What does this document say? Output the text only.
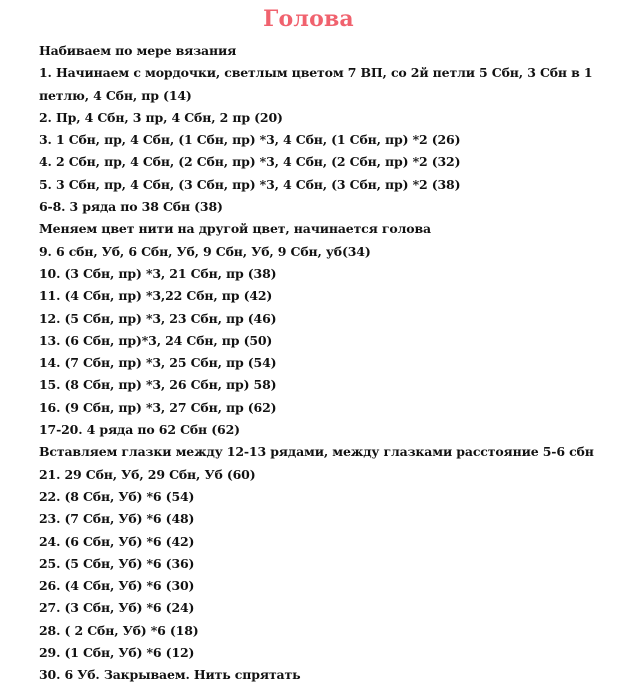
Голова
Набиваем по мере вязания
1. Начинаем с мордочки, светлым цветом 7 ВП, со 2й петли 5 Сбн, 3 Сбн в 1
петлю, 4 Сбн, пр (14)
2. Пр, 4 Сбн, 3 пр, 4 Сбн, 2 пр (20)
3. 1 Сбн, пр, 4 Сбн, (1 Сбн, пр) *3, 4 Сбн, (1 Сбн, пр) *2 (26)
4. 2 Сбн, пр, 4 Сбн, (2 Сбн, пр) *3, 4 Сбн, (2 Сбн, пр) *2 (32)
5. 3 Сбн, пр, 4 Сбн, (3 Сбн, пр) *3, 4 Сбн, (3 Сбн, пр) *2 (38)
6-8. 3 ряда по 38 Сбн (38)
Меняем цвет нити на другой цвет, начинается голова
9. 6 сбн, Уб, 6 Сбн, Уб, 9 Сбн, Уб, 9 Сбн, уб(34)
10. (3 Сбн, пр) *3, 21 Сбн, пр (38)
11. (4 Сбн, пр) *3,22 Сбн, пр (42)
12. (5 Сбн, пр) *3, 23 Сбн, пр (46)
13. (6 Сбн, пр)*3, 24 Сбн, пр (50)
14. (7 Сбн, пр) *3, 25 Сбн, пр (54)
15. (8 Сбн, пр) *3, 26 Сбн, пр) 58)
16. (9 Сбн, пр) *3, 27 Сбн, пр (62)
17-20. 4 ряда по 62 Сбн (62)
Вставляем глазки между 12-13 рядами, между глазками расстояние 5-6 сбн
21. 29 Сбн, Уб, 29 Сбн, Уб (60)
22. (8 Сбн, Уб) *6 (54)
23. (7 Сбн, Уб) *6 (48)
24. (6 Сбн, Уб) *6 (42)
25. (5 Сбн, Уб) *6 (36)
26. (4 Сбн, Уб) *6 (30)
27. (3 Сбн, Уб) *6 (24)
28. ( 2 Сбн, Уб) *6 (18)
29. (1 Сбн, Уб) *6 (12)
30. 6 Уб. Закрываем. Нить спрятать
